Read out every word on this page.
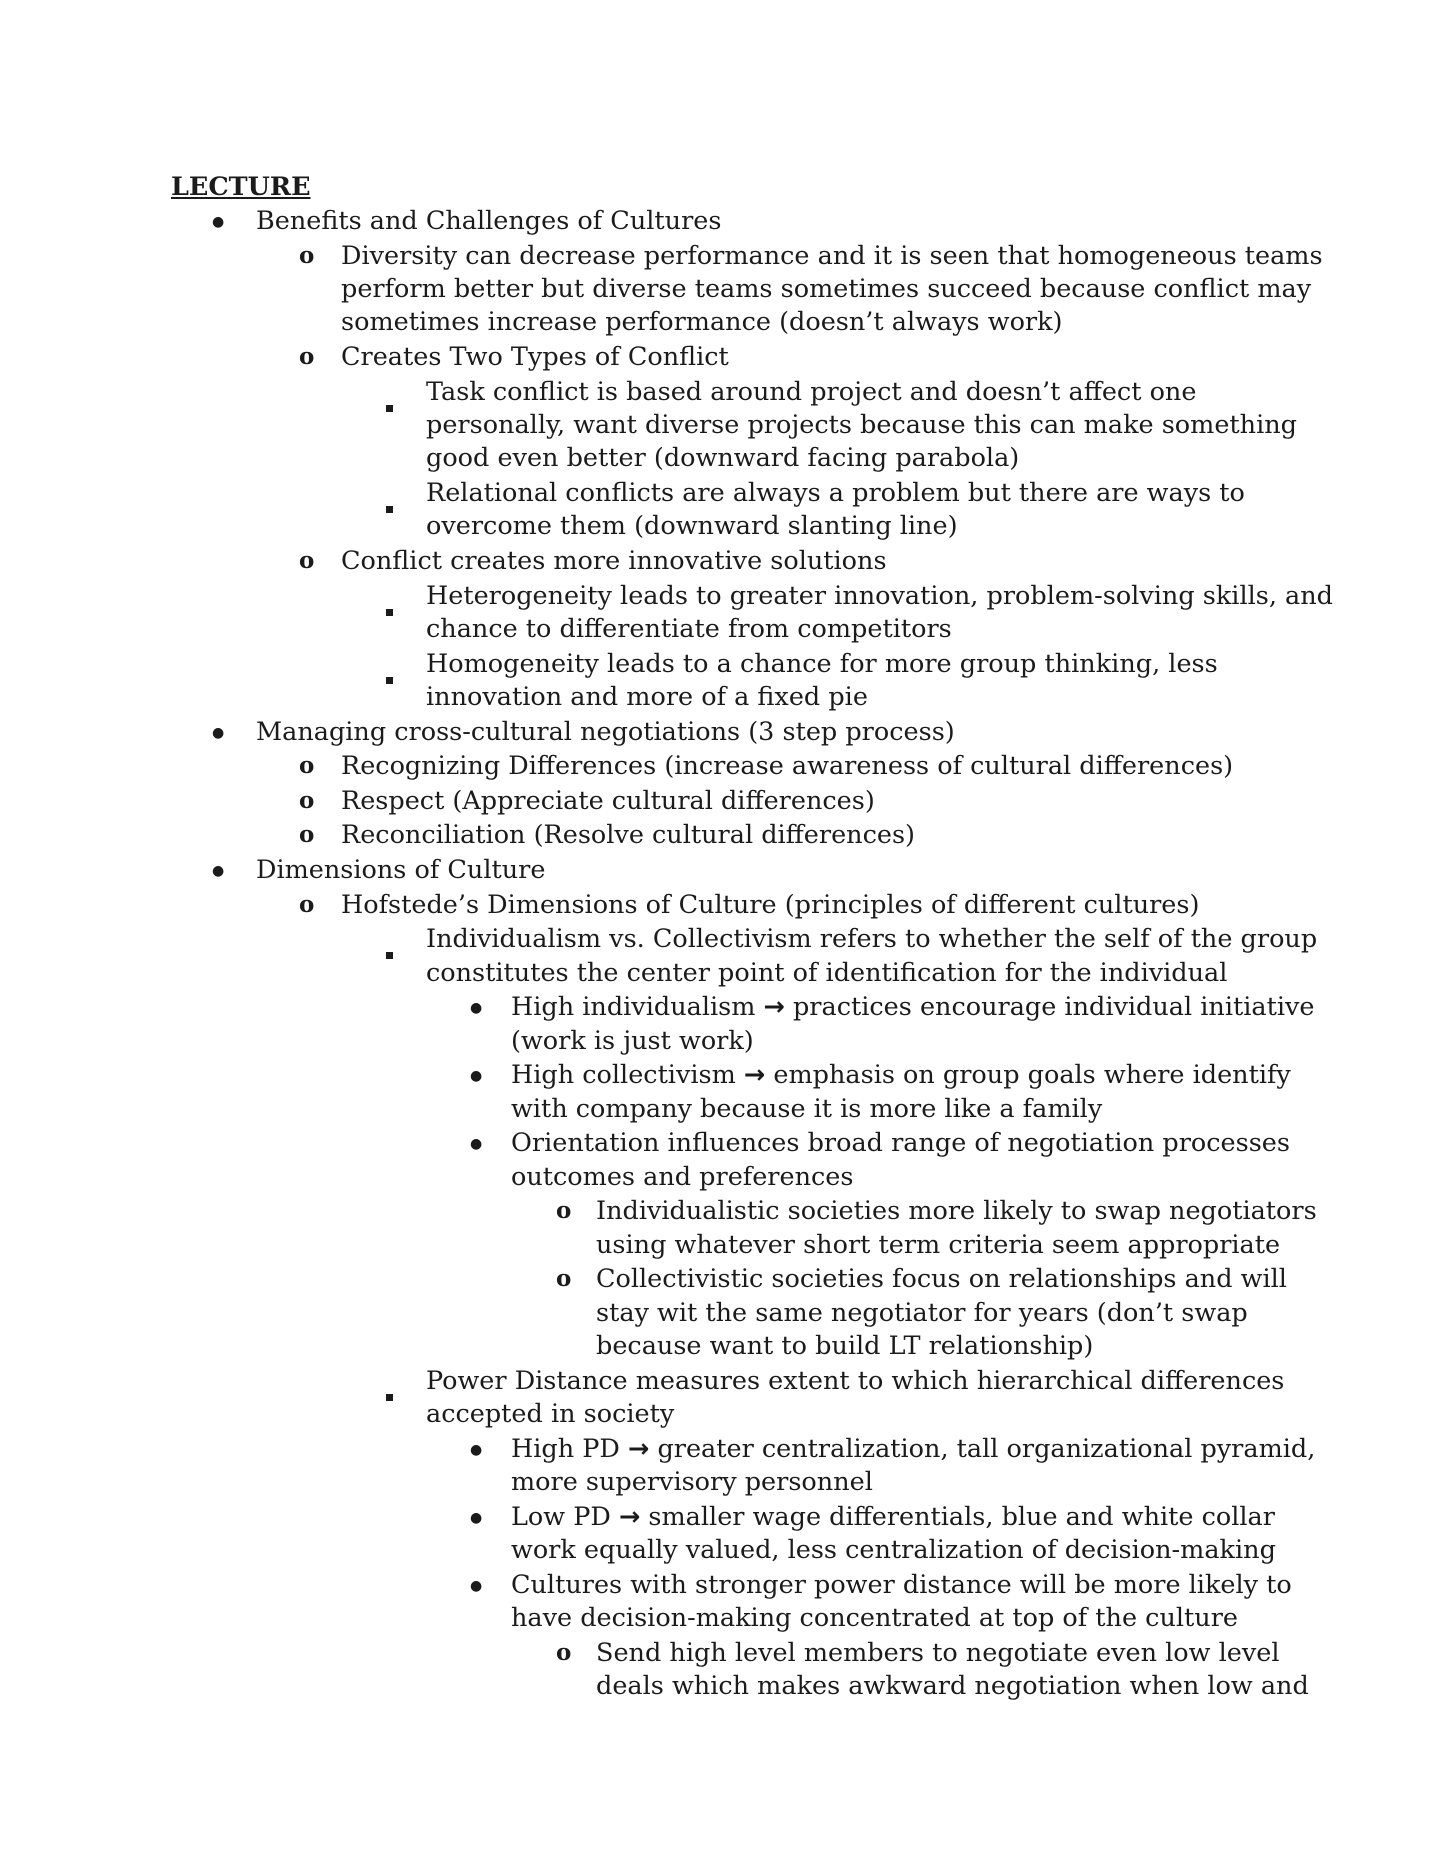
LECTURE
● Benefits and Challenges of Cultures
o Diversity can decrease performance and it is seen that homogeneous teams
perform better but diverse teams sometimes succeed because conflict may
sometimes increase performance (doesn’t always work)
o Creates Two Types of Conflict
Task conflict is based around project and doesn’t affect one
personally, want diverse projects because this can make something
good even better (downward facing parabola)
Relational conflicts are always a problem but there are ways to
overcome them (downward slanting line)
o Conflict creates more innovative solutions
Heterogeneity leads to greater innovation, problem-solving skills, and
chance to differentiate from competitors
Homogeneity leads to a chance for more group thinking, less
innovation and more of a fixed pie
● Managing cross-cultural negotiations (3 step process)
o Recognizing Differences (increase awareness of cultural differences)
o Respect (Appreciate cultural differences)
o Reconciliation (Resolve cultural differences)
● Dimensions of Culture
o Hofstede’s Dimensions of Culture (principles of different cultures)
Individualism vs. Collectivism refers to whether the self of the group
constitutes the center point of identification for the individual
● High individualism → practices encourage individual initiative
(work is just work)
● High collectivism → emphasis on group goals where identify
with company because it is more like a family
● Orientation influences broad range of negotiation processes
outcomes and preferences
o Individualistic societies more likely to swap negotiators
using whatever short term criteria seem appropriate
o Collectivistic societies focus on relationships and will
stay wit the same negotiator for years (don’t swap
because want to build LT relationship)
Power Distance measures extent to which hierarchical differences
accepted in society
● High PD → greater centralization, tall organizational pyramid,
more supervisory personnel
● Low PD → smaller wage differentials, blue and white collar
work equally valued, less centralization of decision-making
● Cultures with stronger power distance will be more likely to
have decision-making concentrated at top of the culture
o Send high level members to negotiate even low level
deals which makes awkward negotiation when low and
